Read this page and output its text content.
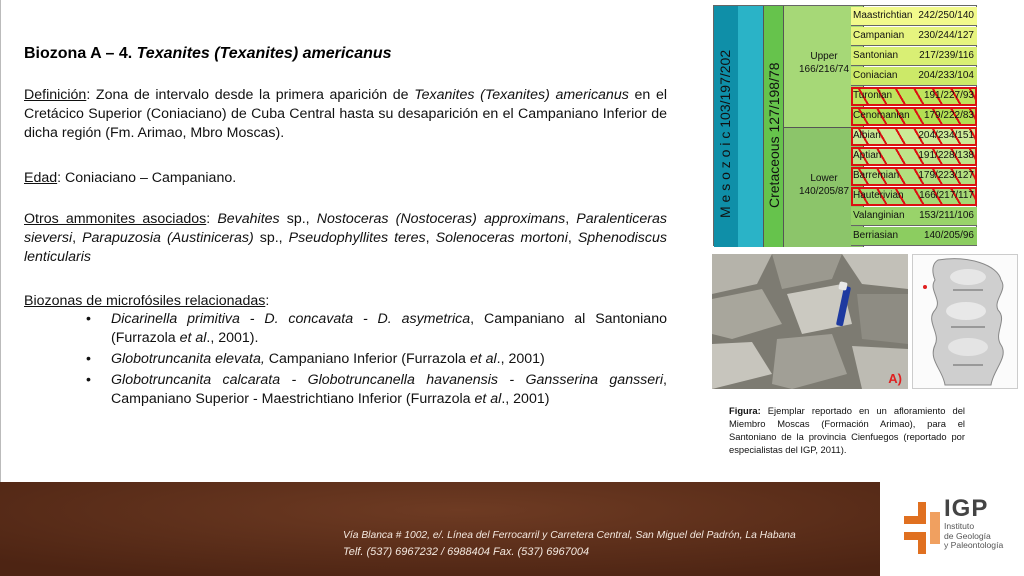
Biozona A – 4. Texanites (Texanites) americanus

Definición: Zona de intervalo desde la primera aparición de Texanites (Texanites) americanus en el Cretácico Superior (Coniaciano) de Cuba Central hasta su desaparición en el Campaniano Inferior de dicha región (Fm. Arimao, Mbro Moscas).

Edad: Coniaciano – Campaniano.

Otros ammonites asociados: Bevahites sp., Nostoceras (Nostoceras) approximans, Paralenticeras sieversi, Parapuzosia (Austiniceras) sp., Pseudophyllites teres, Solenoceras mortoni, Sphenodiscus lenticularis

Biozonas de microfósiles relacionadas:

• Dicarinella primitiva - D. concavata - D. asymetrica, Campaniano al Santoniano (Furrazola et al., 2001).
• Globotruncanita elevata, Campaniano Inferior (Furrazola et al., 2001)
• Globotruncanita calcarata - Globotruncanella havanensis - Gansserina gansseri, Campaniano Superior - Maestrichtiano Inferior (Furrazola et al., 2001)
M e s o z o i c 103/197/202 Cretaceous 127/198/78
Upper
166/216/74
Lower
140/205/87
Maastrichtian 242/250/140
Campanian 230/244/127
Santonian 217/239/116
Coniacian 204/233/104
Turonian	191/227/93
Cenomanian 179/222/83
Albian	204/234/151
Aptian	191/228/138
Barremian 179/223/127
Hauterivian 166/217/117
Valanginian 153/211/106
Berriasian	140/205/96
A)

Figura: Ejemplar reportado en un afloramiento del Miembro Moscas (Formación Arimao), para el Santoniano de la provincia Cienfuegos (reportado por especialistas del IGP, 2011).

Vía Blanca # 1002, e/. Línea del Ferrocarril y Carretera Central, San Miguel del Padrón, La Habana
Telf. (537) 6967232 / 6988404 Fax. (537) 6967004
IGP
Instituto
de Geología
y Paleontología
